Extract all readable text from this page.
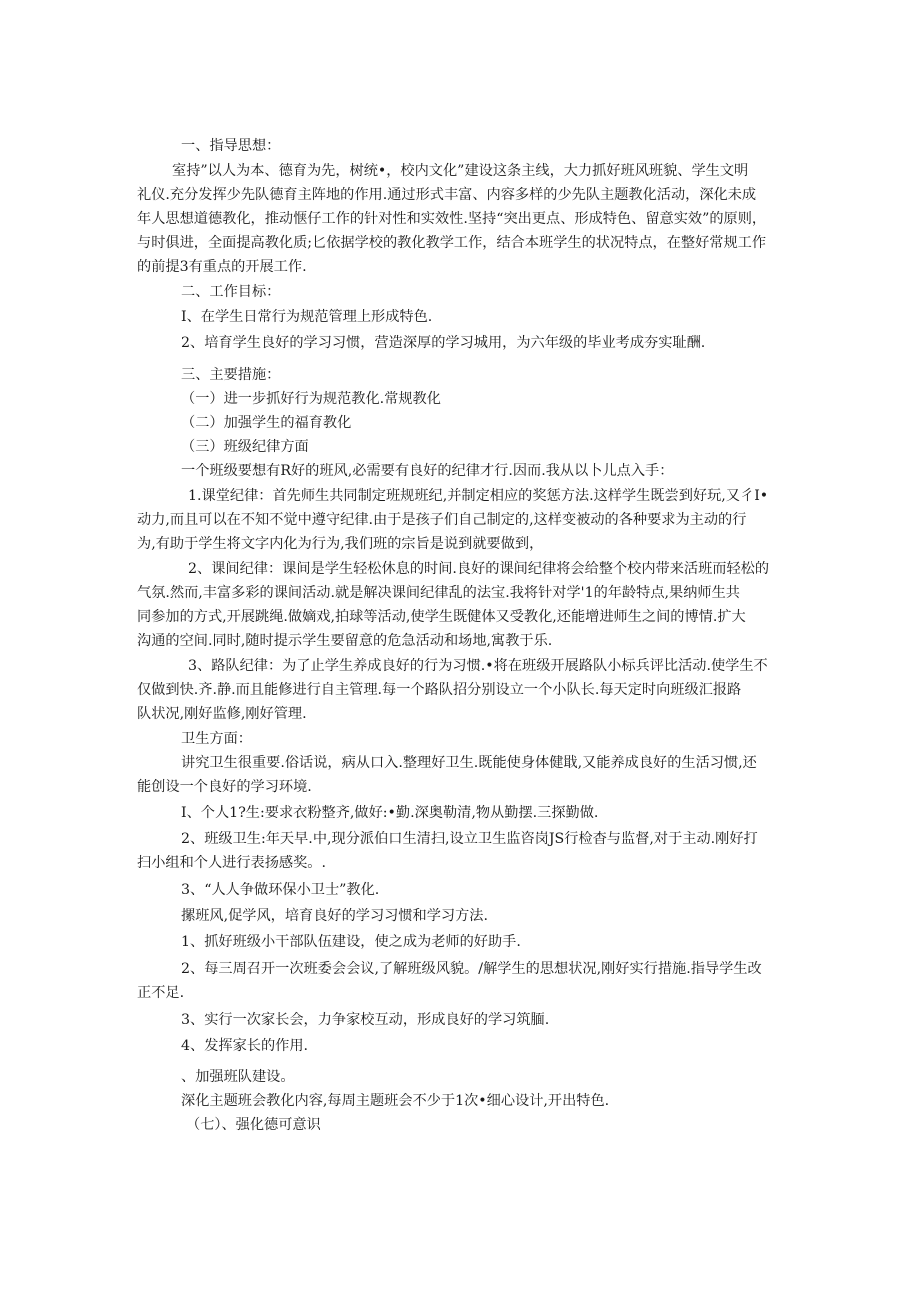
一、指导思想：
室持”以人为本、德育为先，树统•，校内文化”建设这条主线，大力抓好班风班貌、学生文明
礼仪.充分发挥少先队德育主阵地的作用.通过形式丰富、内容多样的少先队主题教化活动，深化未成
年人思想道德教化，推动惬仔工作的针对性和实效性.坚持“突出更点、形成特色、留意实效”的原则，
与时俱进，全面提高教化质;匕依据学校的教化教学工作，结合本班学生的状况特点，在整好常规工作
的前提3有重点的开展工作.
二、工作目标：
I、在学生日常行为规范管理上形成特色.
2、培育学生良好的学习习惯，营造深厚的学习城用，为六年级的毕业考成夯实耻酬.
三、主要措施：
（一）进一步抓好行为规范教化.常规教化
（二）加强学生的福育教化
（三）班级纪律方面
一个班级要想有R好的班风,必需要有良好的纪律才行.因而.我从以卜儿点入手：
1.课堂纪律：首先师生共同制定班规班纪,并制定相应的奖惩方法.这样学生既尝到好玩,又彳I•
动力,而且可以在不知不觉中遵守纪律.由于是孩子们自己制定的,这样变被动的各种要求为主动的行
为,有助于学生将文字内化为行为,我们班的宗旨是说到就要做到，
2、课间纪律：课间是学生轻松休息的时间.良好的课间纪律将会给整个校内带来活班而轻松的
气氛.然而,丰富多彩的课间活动.就是解决课间纪律乱的法宝.我将针对学'1的年龄特点,果纳师生共
同参加的方式,开展跳绳.做嫡戏,拍球等活动,使学生既健体又受教化,还能增进师生之间的博情.扩大
沟通的空间.同时,随时提示学生要留意的危急活动和场地,寓教于乐.
3、路队纪律：为了止学生养成良好的行为习惯.•将在班级开展路队小标兵评比活动.使学生不
仅做到快.齐.静.而且能修进行自主管理.每一个路队招分别设立一个小队长.每天定时向班级汇报路
队状况,刚好监修,刚好管理.
卫生方面：
讲究卫生很重要.俗话说，病从口入.整理好卫生.既能使身体健戢,又能养成良好的生活习惯,还
能创设一个良好的学习环境.
I、个人1?生:要求衣粉整齐,做好:•勤.深奥勒清,物从勤摆.三探勤做.
2、班级卫生:年天早.中,现分派伯口生清扫,设立卫生监咨岗JS行检杳与监督,对于主动.刚好打
扫小组和个人进行表扬感奖。.
3、“人人争做环保小卫士”教化.
摞班风,促学风，培育良好的学习习惯和学习方法.
1、抓好班级小干部队伍建设，使之成为老师的好助手.
2、每三周召开一次班委会会议,了解班级风貌。/解学生的思想状况,刚好实行措施.指导学生改
正不足.
3、实行一次家长会，力争家校互动，形成良好的学习筑腼.
4、发挥家长的作用.
、加强班队建设。
深化主题班会教化内容,每周主题班会不少于1次•细心设计,开出特色.
（七）、强化德可意识
